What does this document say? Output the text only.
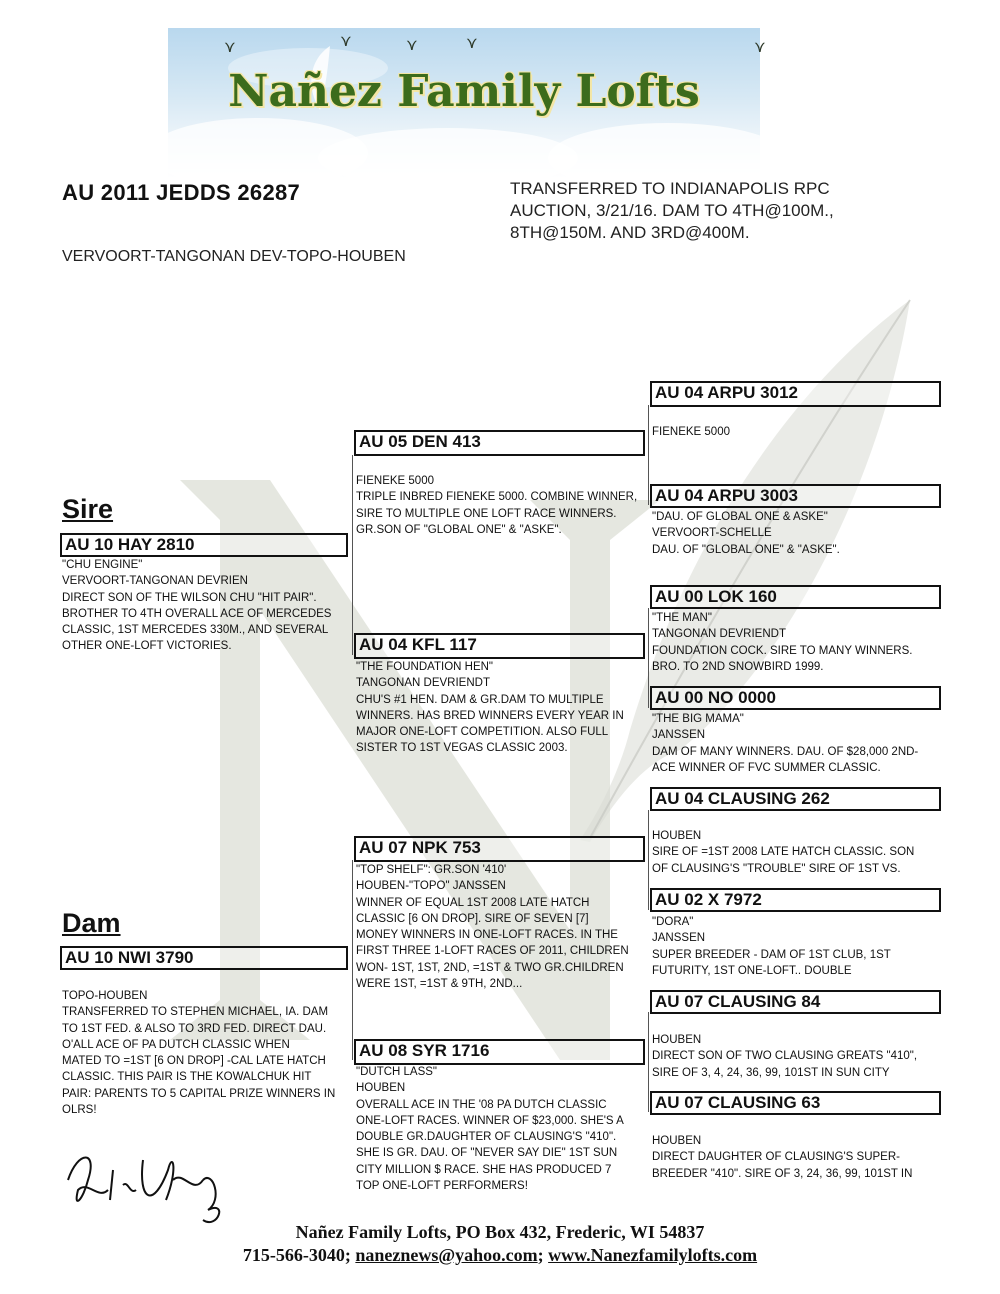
⋎	⋎	⋎	⋎	⋎
Nañez Family Lofts
AU 2011 JEDDS 26287	TRANSFERRED TO INDIANAPOLIS RPC
AUCTION, 3/21/16. DAM TO 4TH@100M.,
8TH@150M. AND 3RD@400M.
VERVOORT-TANGONAN DEV-TOPO-HOUBEN
Sire
AU 10 HAY 2810
"CHU ENGINE"
VERVOORT-TANGONAN DEVRIEN
DIRECT SON OF THE WILSON CHU "HIT PAIR".
BROTHER TO 4TH OVERALL ACE OF MERCEDES
CLASSIC, 1ST MERCEDES 330M., AND SEVERAL
OTHER ONE-LOFT VICTORIES.
Dam
AU 10 NWI 3790
TOPO-HOUBEN
TRANSFERRED TO STEPHEN MICHAEL, IA. DAM
TO 1ST FED. & ALSO TO 3RD FED. DIRECT DAU.
O'ALL ACE OF PA DUTCH CLASSIC WHEN
MATED TO =1ST [6 ON DROP] -CAL LATE HATCH
CLASSIC. THIS PAIR IS THE KOWALCHUK HIT
PAIR: PARENTS TO 5 CAPITAL PRIZE WINNERS IN
OLRS!
AU 05 DEN 413
FIENEKE 5000
TRIPLE INBRED FIENEKE 5000. COMBINE WINNER,
SIRE TO MULTIPLE ONE LOFT RACE WINNERS.
GR.SON OF "GLOBAL ONE" & "ASKE".
AU 04 KFL 117
"THE FOUNDATION HEN"
TANGONAN DEVRIENDT
CHU'S #1 HEN. DAM & GR.DAM TO MULTIPLE
WINNERS. HAS BRED WINNERS EVERY YEAR IN
MAJOR ONE-LOFT COMPETITION. ALSO FULL
SISTER TO 1ST VEGAS CLASSIC 2003.
AU 07 NPK 753
"TOP SHELF": GR.SON '410'
HOUBEN-"TOPO" JANSSEN
WINNER OF EQUAL 1ST 2008 LATE HATCH
CLASSIC [6 ON DROP]. SIRE OF SEVEN [7]
MONEY WINNERS IN ONE-LOFT RACES. IN THE
FIRST THREE 1-LOFT RACES OF 2011, CHILDREN
WON- 1ST, 1ST, 2ND, =1ST & TWO GR.CHILDREN
WERE 1ST, =1ST & 9TH, 2ND...
AU 08 SYR 1716
"DUTCH LASS"
HOUBEN
OVERALL ACE IN THE '08 PA DUTCH CLASSIC
ONE-LOFT RACES. WINNER OF $23,000. SHE'S A
DOUBLE GR.DAUGHTER OF CLAUSING'S "410".
SHE IS GR. DAU. OF "NEVER SAY DIE" 1ST SUN
CITY MILLION $ RACE. SHE HAS PRODUCED 7
TOP ONE-LOFT PERFORMERS!
AU 04 ARPU 3012
FIENEKE 5000
AU 04 ARPU 3003
"DAU. OF GLOBAL ONE & ASKE"
VERVOORT-SCHELLE
DAU. OF "GLOBAL ONE" & "ASKE".
AU 00 LOK 160
"THE MAN"
TANGONAN DEVRIENDT
FOUNDATION COCK. SIRE TO MANY WINNERS.
BRO. TO 2ND SNOWBIRD 1999.
AU 00 NO 0000
"THE BIG MAMA"
JANSSEN
DAM OF MANY WINNERS. DAU. OF $28,000 2ND-
ACE WINNER OF FVC SUMMER CLASSIC.
AU 04 CLAUSING 262
HOUBEN
SIRE OF =1ST 2008 LATE HATCH CLASSIC. SON
OF CLAUSING'S "TROUBLE" SIRE OF 1ST VS.
AU 02 X 7972
"DORA"
JANSSEN
SUPER BREEDER - DAM OF 1ST CLUB, 1ST
FUTURITY, 1ST ONE-LOFT.. DOUBLE
AU 07 CLAUSING 84
HOUBEN
DIRECT SON OF TWO CLAUSING GREATS "410",
SIRE OF 3, 4, 24, 36, 99, 101ST IN SUN CITY
AU 07 CLAUSING 63
HOUBEN
DIRECT DAUGHTER OF CLAUSING'S SUPER-
BREEDER "410". SIRE OF 3, 24, 36, 99, 101ST IN
Nañez Family Lofts, PO Box 432, Frederic, WI 54837
715-566-3040; naneznews@yahoo.com; www.Nanezfamilylofts.com
